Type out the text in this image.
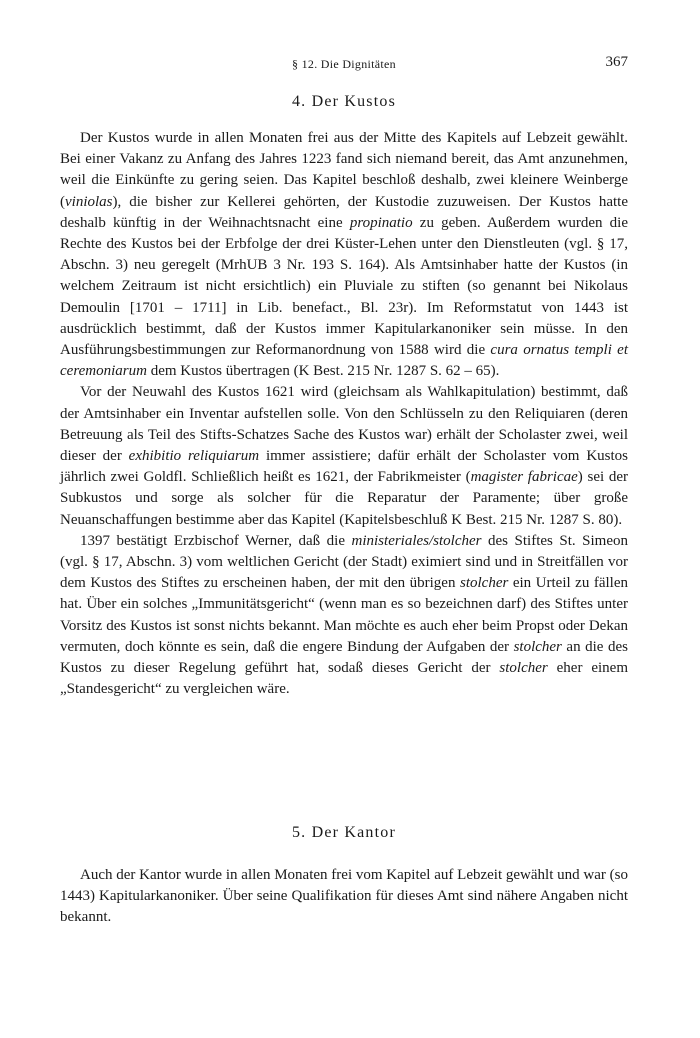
§ 12. Die Dignitäten	367
4. Der Kustos

Der Kustos wurde in allen Monaten frei aus der Mitte des Kapitels auf Lebzeit gewählt. Bei einer Vakanz zu Anfang des Jahres 1223 fand sich niemand bereit, das Amt anzunehmen, weil die Einkünfte zu gering seien. Das Kapitel beschloß deshalb, zwei kleinere Weinberge (viniolas), die bisher zur Kellerei gehörten, der Kustodie zuzuweisen. Der Kustos hatte deshalb künftig in der Weihnachtsnacht eine propinatio zu geben. Außerdem wurden die Rechte des Kustos bei der Erbfolge der drei Küster-Lehen unter den Dienstleuten (vgl. § 17, Abschn. 3) neu geregelt (MrhUB 3 Nr. 193 S. 164). Als Amtsinhaber hatte der Kustos (in welchem Zeitraum ist nicht ersichtlich) ein Pluviale zu stiften (so genannt bei Nikolaus Demoulin [1701 – 1711] in Lib. benefact., Bl. 23r). Im Reformstatut von 1443 ist ausdrücklich bestimmt, daß der Kustos immer Kapitularkanoniker sein müsse. In den Ausführungsbestimmungen zur Reformanordnung von 1588 wird die cura ornatus templi et ceremoniarum dem Kustos übertragen (K Best. 215 Nr. 1287 S. 62 – 65).

Vor der Neuwahl des Kustos 1621 wird (gleichsam als Wahlkapitulation) bestimmt, daß der Amtsinhaber ein Inventar aufstellen solle. Von den Schlüsseln zu den Reliquiaren (deren Betreuung als Teil des Stifts-Schatzes Sache des Kustos war) erhält der Scholaster zwei, weil dieser der exhibitio reliquiarum immer assistiere; dafür erhält der Scholaster vom Kustos jährlich zwei Goldfl. Schließlich heißt es 1621, der Fabrikmeister (magister fabricae) sei der Subkustos und sorge als solcher für die Reparatur der Paramente; über große Neuanschaffungen bestimme aber das Kapitel (Kapitelsbeschluß K Best. 215 Nr. 1287 S. 80).

1397 bestätigt Erzbischof Werner, daß die ministeriales/stolcher des Stiftes St. Simeon (vgl. § 17, Abschn. 3) vom weltlichen Gericht (der Stadt) eximiert sind und in Streitfällen vor dem Kustos des Stiftes zu erscheinen haben, der mit den übrigen stolcher ein Urteil zu fällen hat. Über ein solches „Immunitätsgericht“ (wenn man es so bezeichnen darf) des Stiftes unter Vorsitz des Kustos ist sonst nichts bekannt. Man möchte es auch eher beim Propst oder Dekan vermuten, doch könnte es sein, daß die engere Bindung der Aufgaben der stolcher an die des Kustos zu dieser Regelung geführt hat, sodaß dieses Gericht der stolcher eher einem „Standesgericht“ zu vergleichen wäre.

5. Der Kantor

Auch der Kantor wurde in allen Monaten frei vom Kapitel auf Lebzeit gewählt und war (so 1443) Kapitularkanoniker. Über seine Qualifikation für dieses Amt sind nähere Angaben nicht bekannt.
